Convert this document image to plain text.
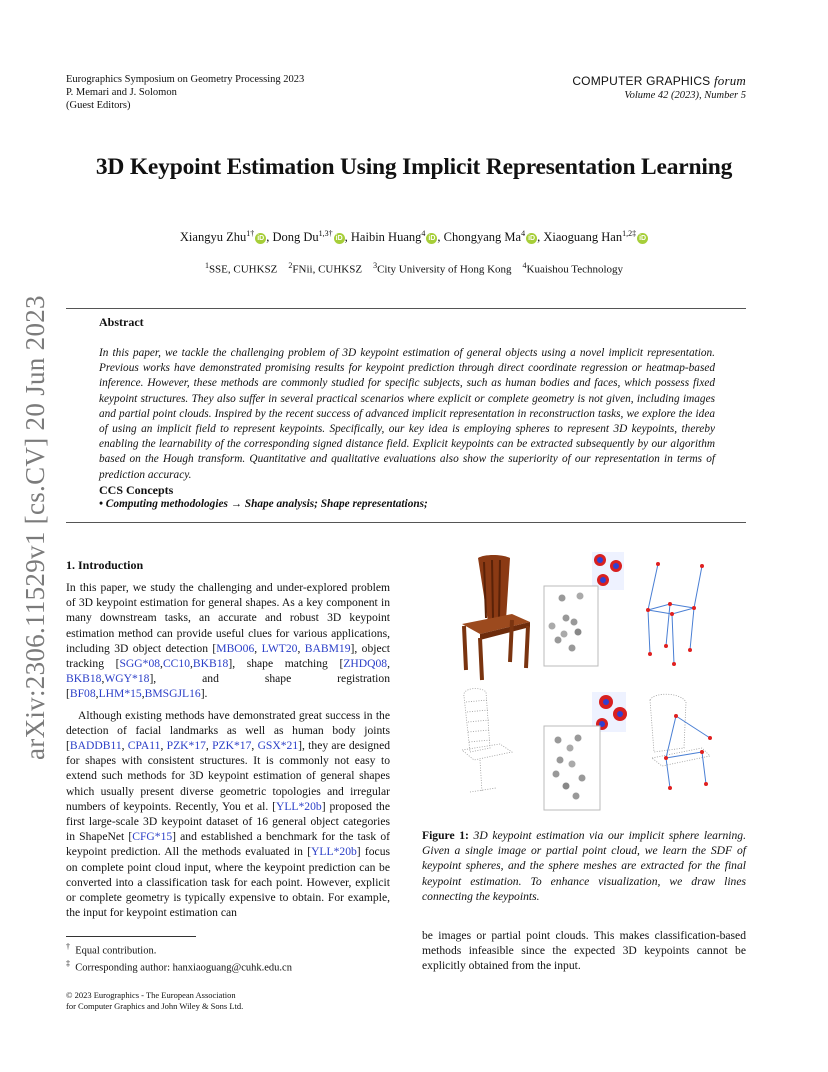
Eurographics Symposium on Geometry Processing 2023
P. Memari and J. Solomon
(Guest Editors)
COMPUTER GRAPHICS forum
Volume 42 (2023), Number 5
arXiv:2306.11529v1 [cs.CV] 20 Jun 2023
3D Keypoint Estimation Using Implicit Representation Learning
Xiangyu Zhu$^{1\dagger}$iD , Dong $Du^{1,3\dagger}iD$ , Haibin Huang$^4$iD , Chongyang Ma$^4$iD , Xiaoguang Han$^{1,2\ddagger}$iD
$^1$SSE, CUHKSZ $^2$FNii, CUHKSZ $^3$City University of Hong Kong $^4$Kuaishou Technology
Abstract
In this paper, we tackle the challenging problem of 3D keypoint estimation of general objects using a novel implicit representation. Previous works have demonstrated promising results for keypoint prediction through direct coordinate regression or heatmap-based inference. However, these methods are commonly studied for specific subjects, such as human bodies and faces, which possess fixed keypoint structures. They also suffer in several practical scenarios where explicit or complete geometry is not given, including images and partial point clouds. Inspired by the recent success of advanced implicit representation in reconstruction tasks, we explore the idea of using an implicit field to represent keypoints. Specifically, our key idea is employing spheres to represent 3D keypoints, thereby enabling the learnability of the corresponding signed distance field. Explicit keypoints can be extracted subsequently by our algorithm based on the Hough transform. Quantitative and qualitative evaluations also show the superiority of our representation in terms of prediction accuracy.
CCS Concepts
• Computing methodologies → Shape analysis; Shape representations;
1. Introduction

In this paper, we study the challenging and under-explored problem of 3D keypoint estimation for general shapes. As a key component in many downstream tasks, an accurate and robust 3D keypoint estimation method can provide useful clues for various applications, including 3D object detection [MBO06, LWT20, BABM19], object tracking [SGG*08,CC10,BKB18], shape matching [ZHDQ08, BKB18,WGY*18], and shape registration [BF08,LHM*15,BMSGJL16].

Although existing methods have demonstrated great success in the detection of facial landmarks as well as human body joints [BADDB11, CPA11, PZK*17, PZK*17, GSX*21], they are designed for shapes with consistent structures. It is commonly not easy to extend such methods for 3D keypoint estimation of general shapes which usually present diverse geometric topologies and irregular numbers of keypoints. Recently, You et al. [YLL*20b] proposed the first large-scale 3D keypoint dataset of 16 general object categories in ShapeNet [CFG*15] and established a benchmark for the task of keypoint prediction. All the methods evaluated in [YLL*20b] focus on complete point cloud input, where the keypoint prediction can be converted into a classification task for each point. However, explicit or complete geometry is typically expensive to obtain. For example, the input for keypoint estimation can

Figure 1: 3D keypoint estimation via our implicit sphere learning. Given a single image or partial point cloud, we learn the SDF of keypoint spheres, and the sphere meshes are extracted for the final keypoint estimation. To enhance visualization, we draw lines connecting the keypoints.
be images or partial point clouds. This makes classification-based methods infeasible since the expected 3D keypoints cannot be explicitly obtained from the input.
† Equal contribution.
‡ Corresponding author: hanxiaoguang@cuhk.edu.cn
© 2023 Eurographics - The European Association
for Computer Graphics and John Wiley & Sons Ltd.
